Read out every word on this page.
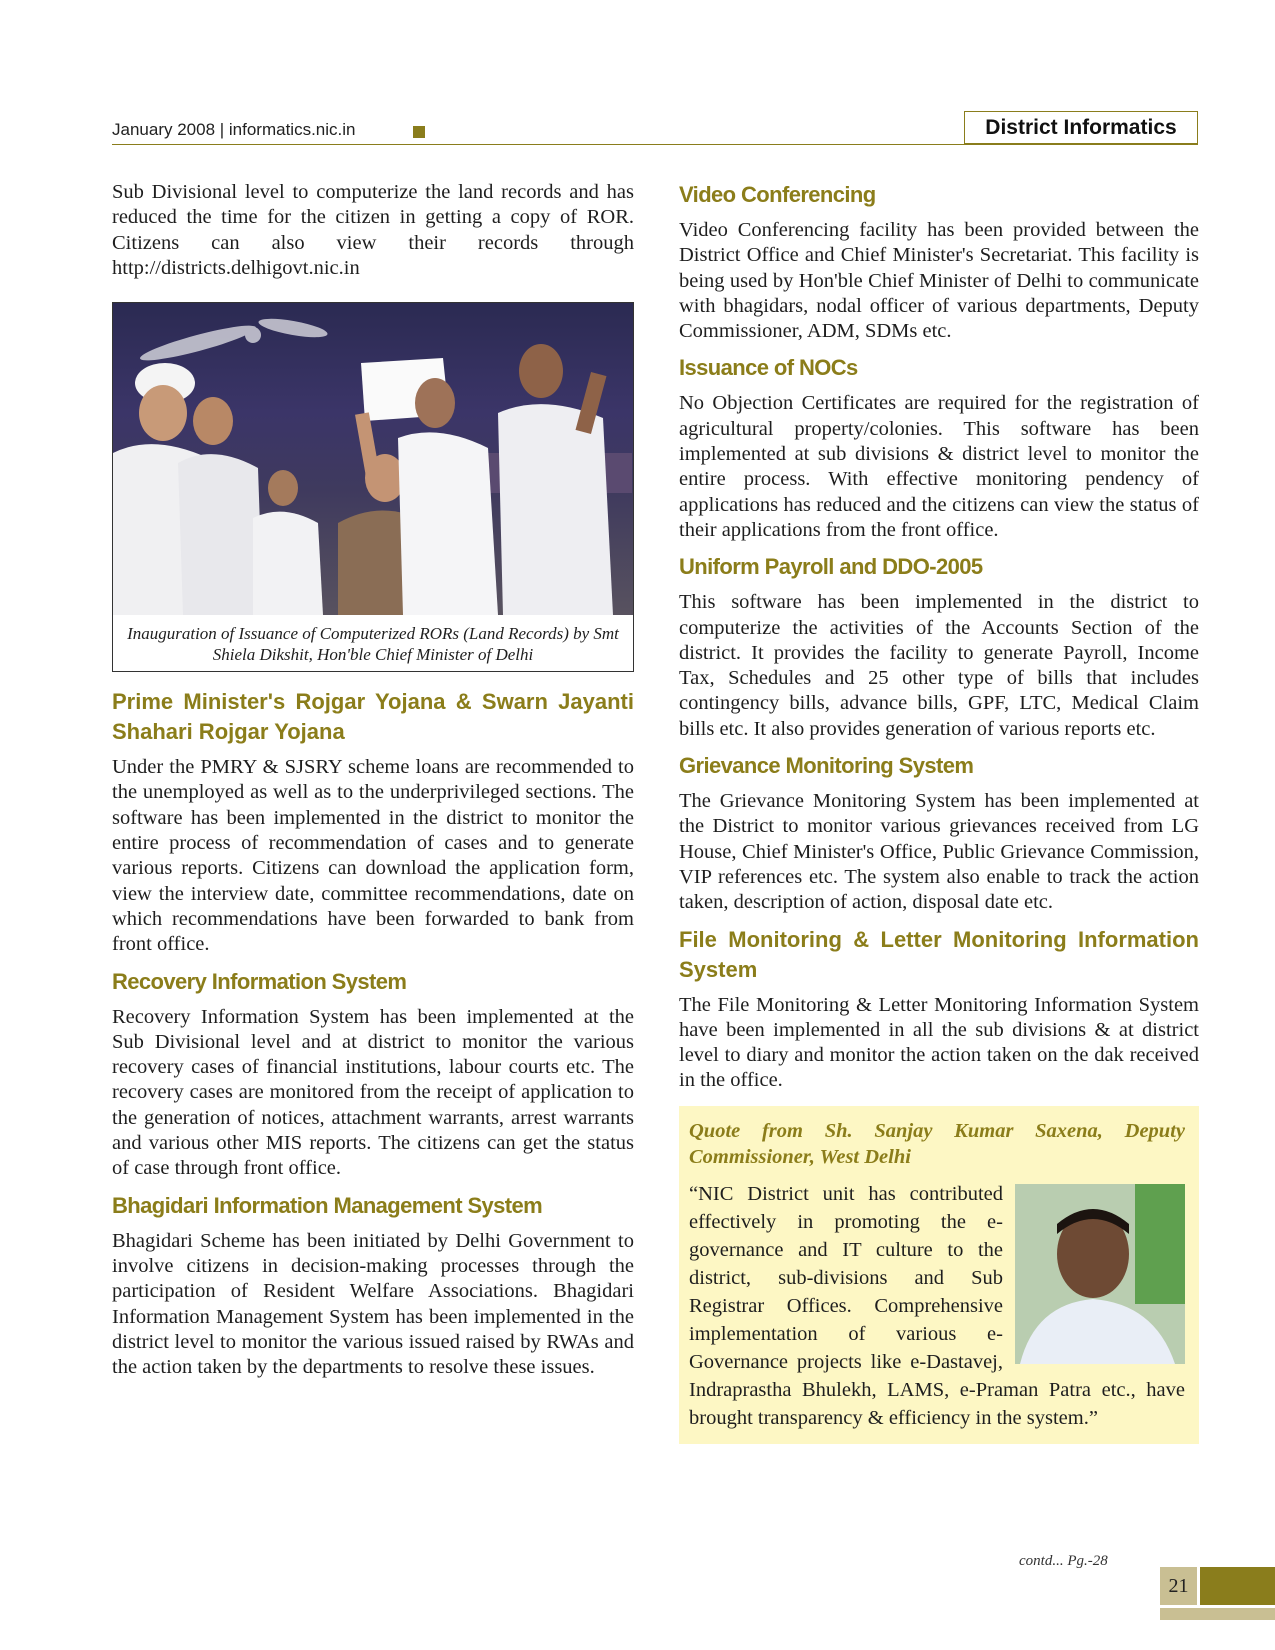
January 2008 | informatics.nic.in	District Informatics

Sub Divisional level to computerize the land records and has reduced the time for the citizen in getting a copy of ROR. Citizens can also view their records through http://districts.delhigovt.nic.in

Inauguration of Issuance of Computerized RORs (Land Records) by Smt Shiela Dikshit, Hon'ble Chief Minister of Delhi
Prime Minister's Rojgar Yojana & Swarn Jayanti Shahari Rojgar Yojana

Under the PMRY & SJSRY scheme loans are recommended to the unemployed as well as to the underprivileged sections. The software has been implemented in the district to monitor the entire process of recommendation of cases and to generate various reports. Citizens can download the application form, view the interview date, committee recommendations, date on which recommendations have been forwarded to bank from front office.

Recovery Information System

Recovery Information System has been implemented at the Sub Divisional level and at district to monitor the various recovery cases of financial institutions, labour courts etc. The recovery cases are monitored from the receipt of application to the generation of notices, attachment warrants, arrest warrants and various other MIS reports. The citizens can get the status of case through front office.

Bhagidari Information Management System

Bhagidari Scheme has been initiated by Delhi Government to involve citizens in decision-making processes through the participation of Resident Welfare Associations. Bhagidari Information Management System has been implemented in the district level to monitor the various issued raised by RWAs and the action taken by the departments to resolve these issues.

Video Conferencing

Video Conferencing facility has been provided between the District Office and Chief Minister's Secretariat. This facility is being used by Hon'ble Chief Minister of Delhi to communicate with bhagidars, nodal officer of various departments, Deputy Commissioner, ADM, SDMs etc.

Issuance of NOCs

No Objection Certificates are required for the registration of agricultural property/colonies. This software has been implemented at sub divisions & district level to monitor the entire process. With effective monitoring pendency of applications has reduced and the citizens can view the status of their applications from the front office.

Uniform Payroll and DDO-2005

This software has been implemented in the district to computerize the activities of the Accounts Section of the district. It provides the facility to generate Payroll, Income Tax, Schedules and 25 other type of bills that includes contingency bills, advance bills, GPF, LTC, Medical Claim bills etc. It also provides generation of various reports etc.

Grievance Monitoring System

The Grievance Monitoring System has been implemented at the District to monitor various grievances received from LG House, Chief Minister's Office, Public Grievance Commission, VIP references etc. The system also enable to track the action taken, description of action, disposal date etc.

File Monitoring & Letter Monitoring Information System

The File Monitoring & Letter Monitoring Information System have been implemented in all the sub divisions & at district level to diary and monitor the action taken on the dak received in the office.

Quote from Sh. Sanjay Kumar Saxena, Deputy Commissioner, West Delhi

“NIC District unit has contributed effectively in promoting the e-governance and IT culture to the district, sub-divisions and Sub Registrar Offices. Comprehensive implementation of various e-Governance projects like e-Dastavej, Indraprastha Bhulekh, LAMS, e-Praman Patra etc., have brought transparency & efficiency in the system.”

contd... Pg.-28
21
